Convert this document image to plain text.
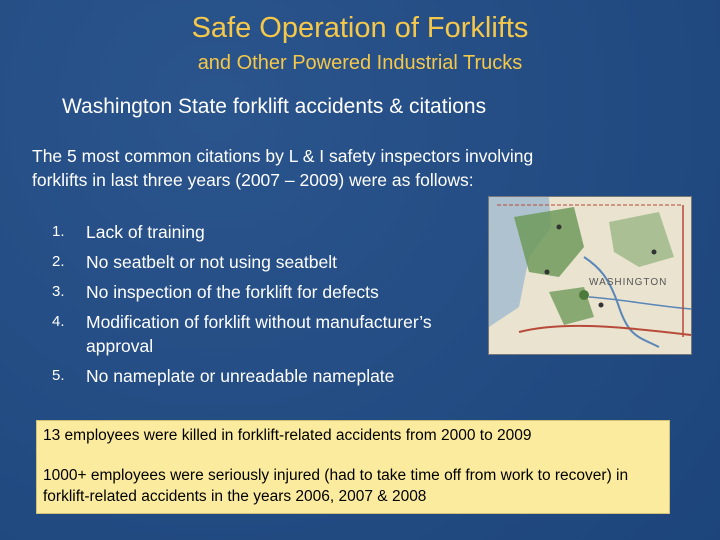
Safe Operation of Forklifts
and Other Powered Industrial Trucks
Washington State forklift accidents & citations
The 5 most common citations by L & I safety inspectors involving forklifts in last three years (2007 – 2009) were as follows:
1.	Lack of training
2.	No seatbelt or not using seatbelt
3.	No inspection of the forklift for defects
4.	Modification of forklift without manufacturer’s approval
5.	No nameplate or unreadable nameplate
WASHINGTON

13 employees were killed in forklift-related accidents from 2000 to 2009

1000+ employees were seriously injured (had to take time off from work to recover) in forklift-related accidents in the years 2006, 2007 & 2008
